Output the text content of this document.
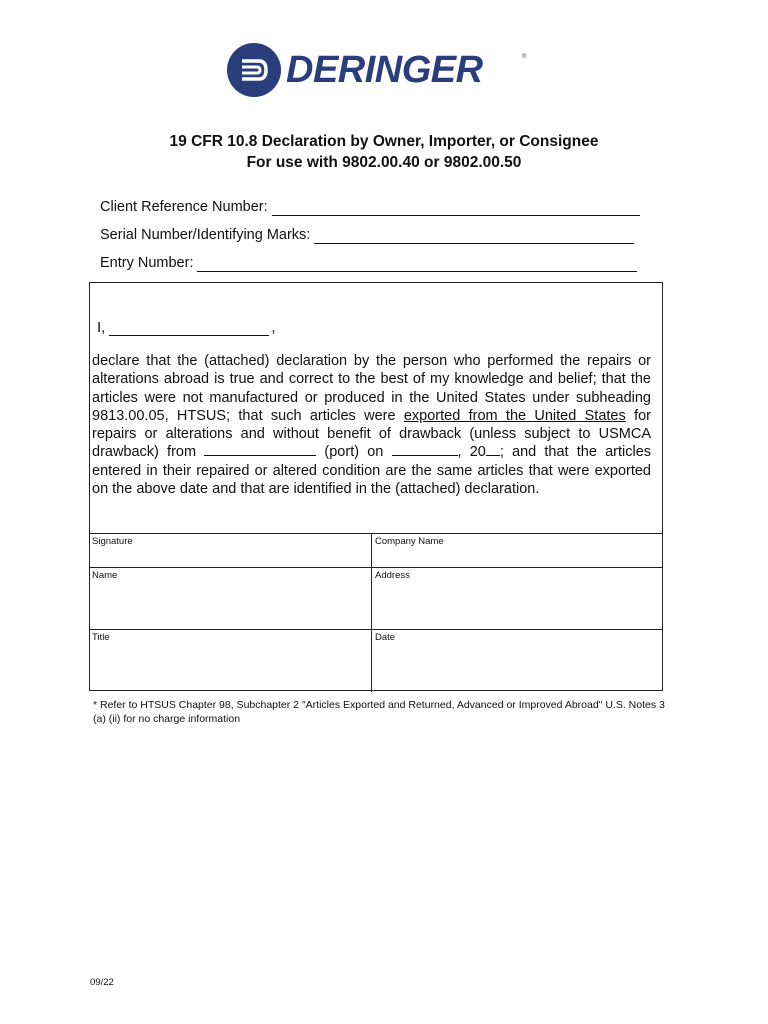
DERINGER	®
19 CFR 10.8 Declaration by Owner, Importer, or Consignee
For use with 9802.00.40 or 9802.00.50
Client Reference Number:
Serial Number/Identifying Marks:
Entry Number:
I,	,

declare that the (attached) declaration by the person who performed the repairs or alterations abroad is true and correct to the best of my knowledge and belief; that the articles were not manufactured or produced in the United States under subheading 9813.00.05, HTSUS; that such articles were exported from the United States for repairs or alterations and without benefit of drawback (unless subject to USMCA drawback) from	(port) on	, 20 ; and that the articles entered in their repaired or altered condition are the same articles that were exported on the above date and that are identified in the (attached) declaration.

Signature	Company Name
Name	Address
Title	Date

* Refer to HTSUS Chapter 98, Subchapter 2 "Articles Exported and Returned, Advanced or Improved Abroad" U.S. Notes 3 (a) (ii) for no charge information

09/22
